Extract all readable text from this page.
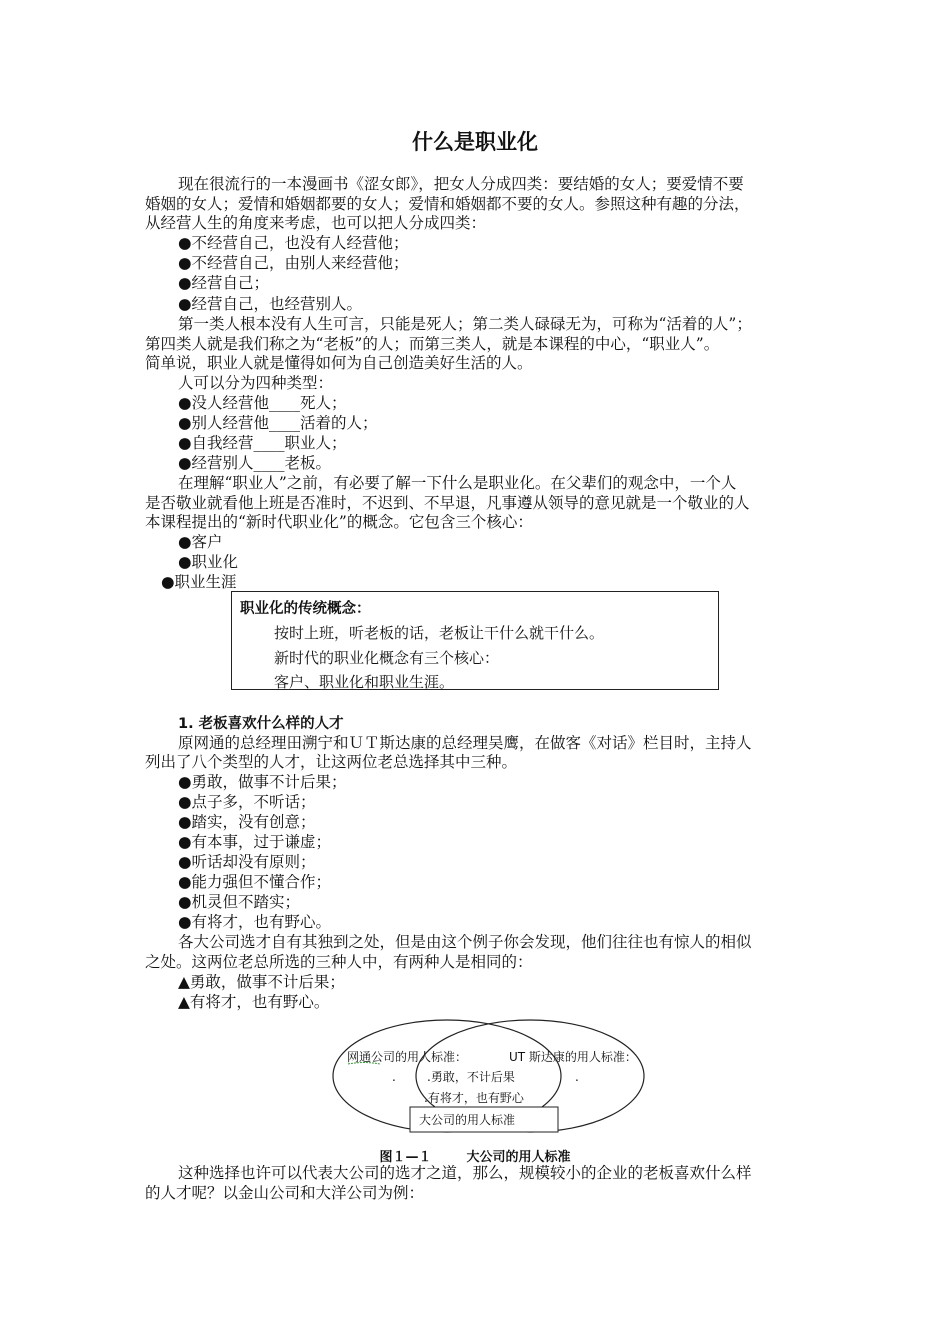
什么是职业化
现在很流行的一本漫画书《涩女郎》，把女人分成四类：要结婚的女人；要爱情不要
婚姻的女人；爱情和婚姻都要的女人；爱情和婚姻都不要的女人。参照这种有趣的分法，
从经营人生的角度来考虑，也可以把人分成四类：
●不经营自己，也没有人经营他；
●不经营自己，由别人来经营他；
●经营自己；
●经营自己，也经营别人。
第一类人根本没有人生可言，只能是死人；第二类人碌碌无为，可称为“活着的人”；
第四类人就是我们称之为“老板”的人；而第三类人，就是本课程的中心，“职业人”。
简单说，职业人就是懂得如何为自己创造美好生活的人。
人可以分为四种类型：
●没人经营他____死人；
●别人经营他____活着的人；
●自我经营____职业人；
●经营别人____老板。
在理解“职业人”之前，有必要了解一下什么是职业化。在父辈们的观念中，一个人
是否敬业就看他上班是否准时，不迟到、不早退，凡事遵从领导的意见就是一个敬业的人
本课程提出的“新时代职业化”的概念。它包含三个核心：
●客户
●职业化
●职业生涯
职业化的传统概念：
按时上班，听老板的话，老板让干什么就干什么。
新时代的职业化概念有三个核心：
客户、职业化和职业生涯。
1. 老板喜欢什么样的人才
原网通的总经理田溯宁和ＵＴ斯达康的总经理吴鹰，在做客《对话》栏目时，主持人
列出了八个类型的人才，让这两位老总选择其中三种。
●勇敢，做事不计后果；
●点子多，不听话；
●踏实，没有创意；
●有本事，过于谦虚；
●听话却没有原则；
●能力强但不懂合作；
●机灵但不踏实；
●有将才，也有野心。
各大公司选才自有其独到之处，但是由这个例子你会发现，他们往往也有惊人的相似
之处。这两位老总所选的三种人中，有两种人是相同的：
▲勇敢，做事不计后果；
▲有将才，也有野心。
网通公司的用人标准：	UT 斯达康的用人标准：
.	.
.勇敢，不计后果
.有将才，也有野心
大公司的用人标准
图１—１	大公司的用人标准
这种选择也许可以代表大公司的选才之道，那么，规模较小的企业的老板喜欢什么样
的人才呢？以金山公司和大洋公司为例：
